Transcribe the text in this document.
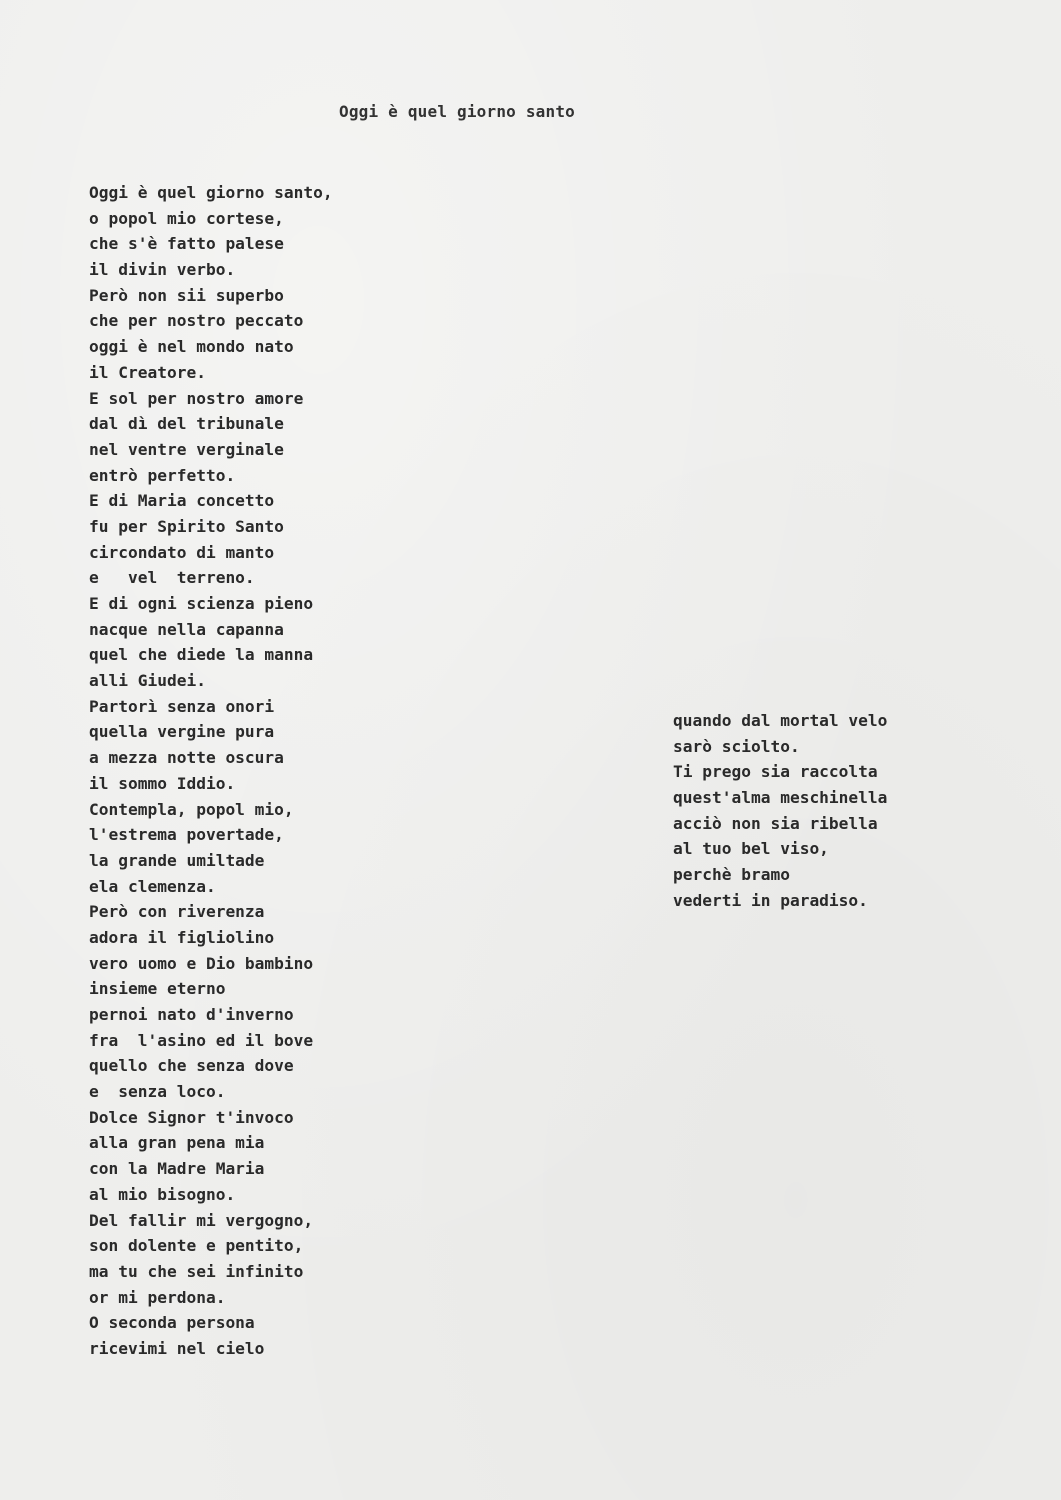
Oggi è quel giorno santo
Oggi è quel giorno santo,
o popol mio cortese,
che s'è fatto palese
il divin verbo.
Però non sii superbo
che per nostro peccato
oggi è nel mondo nato
il Creatore.
E sol per nostro amore
dal dì del tribunale
nel ventre verginale
entrò perfetto.
E di Maria concetto
fu per Spirito Santo
circondato di manto
e   vel  terreno.
E di ogni scienza pieno
nacque nella capanna
quel che diede la manna
alli Giudei.
Partorì senza onori
quella vergine pura
a mezza notte oscura
il sommo Iddio.
Contempla, popol mio,
l'estrema povertade,
la grande umiltade
ela clemenza.
Però con riverenza
adora il figliolino
vero uomo e Dio bambino
insieme eterno
pernoi nato d'inverno
fra  l'asino ed il bove
quello che senza dove
e  senza loco.
Dolce Signor t'invoco
alla gran pena mia
con la Madre Maria
al mio bisogno.
Del fallir mi vergogno,
son dolente e pentito,
ma tu che sei infinito
or mi perdona.
O seconda persona
ricevimi nel cielo
quando dal mortal velo
sarò sciolto.
Ti prego sia raccolta
quest'alma meschinella
acciò non sia ribella
al tuo bel viso,
perchè bramo
vederti in paradiso.
